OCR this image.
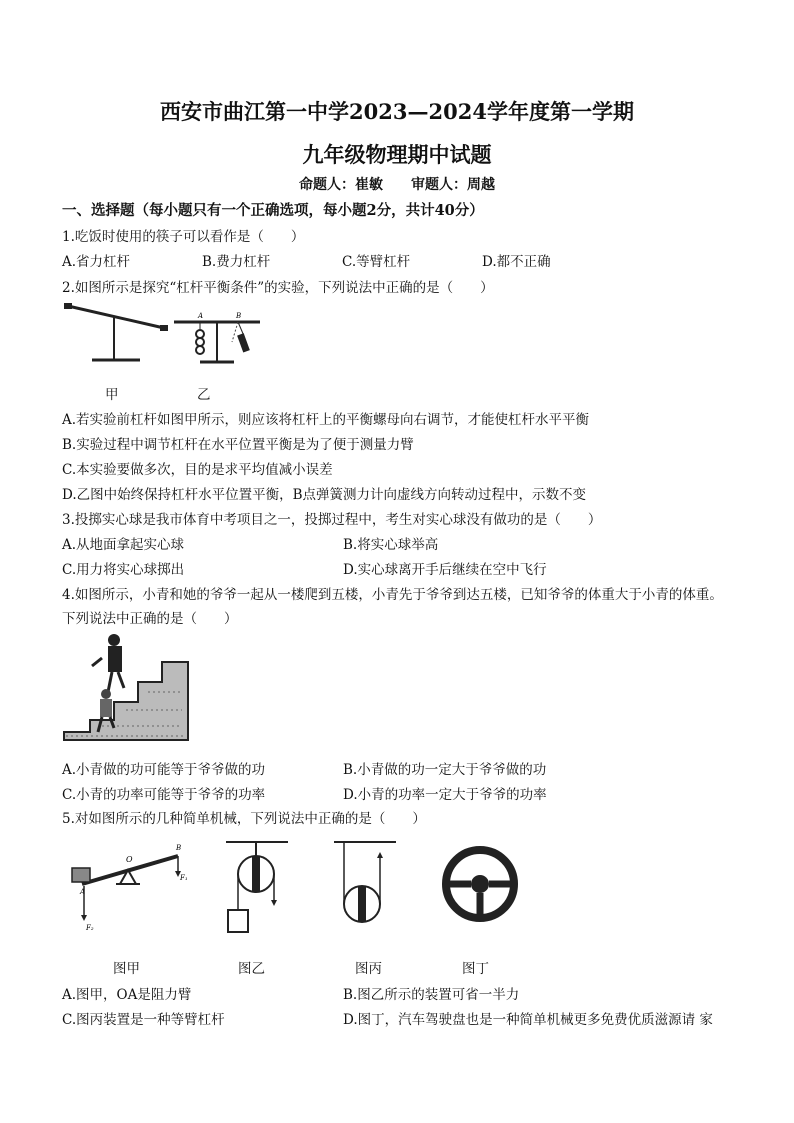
西安市曲江第一中学2023—2024学年度第一学期
九年级物理期中试题
命题人：崔敏　　审题人：周越
一、选择题（每小题只有一个正确选项，每小题2分，共计40分）
1.吃饭时使用的筷子可以看作是（　　）
A.省力杠杆	B.费力杠杆	C.等臂杠杆	D.都不正确
2.如图所示是探究“杠杆平衡条件”的实验，下列说法中正确的是（　　）
A	B
甲	乙
A.若实验前杠杆如图甲所示，则应该将杠杆上的平衡螺母向右调节，才能使杠杆水平平衡
B.实验过程中调节杠杆在水平位置平衡是为了便于测量力臂
C.本实验要做多次，目的是求平均值减小误差
D.乙图中始终保持杠杆水平位置平衡，B点弹簧测力计向虚线方向转动过程中，示数不变
3.投掷实心球是我市体育中考项目之一，投掷过程中，考生对实心球没有做功的是（　　）
A.从地面拿起实心球	B.将实心球举高
C.用力将实心球掷出	D.实心球离开手后继续在空中飞行
4.如图所示，小青和她的爷爷一起从一楼爬到五楼，小青先于爷爷到达五楼，已知爷爷的体重大于小青的体重。
下列说法中正确的是（　　）
A.小青做的功可能等于爷爷做的功	B.小青做的功一定大于爷爷做的功
C.小青的功率可能等于爷爷的功率	D.小青的功率一定大于爷爷的功率
5.对如图所示的几种简单机械，下列说法中正确的是（　　）
O
B
F₁
A
F₂
图甲	图乙	图丙	图丁
A.图甲，OA是阻力臂	B.图乙所示的装置可省一半力
C.图丙装置是一种等臂杠杆	D.图丁，汽车驾驶盘也是一种简单机械更多免费优质滋源请 家
